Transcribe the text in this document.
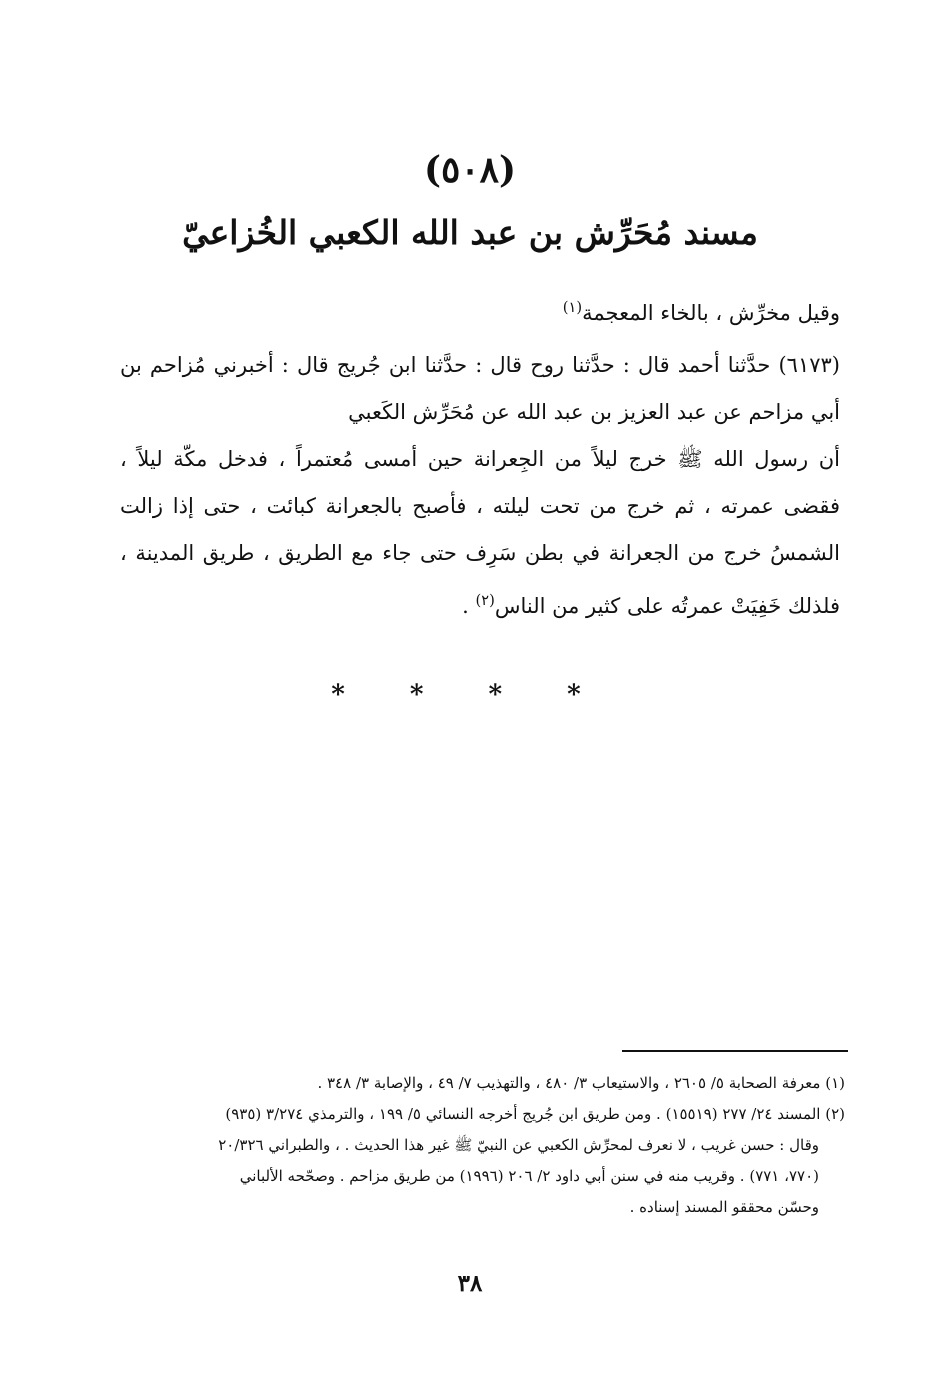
(٥٠٨)
مسند مُحَرِّش بن عبد الله الكعبي الخُزاعيّ
وقيل مخرِّش ، بالخاء المعجمة$^{(١)}$
(٦١٧٣) حدَّثنا أحمد قال : حدَّثنا روح قال : حدَّثنا ابن جُريج قال : أخبرني مُزاحم بن أبي مزاحم عن عبد العزيز بن عبد الله عن مُحَرِّش الكَعبي
أن رسول الله ﷺ خرج ليلاً من الجِعرانة حين أمسى مُعتمراً ، فدخل مكّة ليلاً ، فقضى عمرته ، ثم خرج من تحت ليلته ، فأصبح بالجعرانة كبائت ، حتى إذا زالت الشمسُ خرج من الجعرانة في بطن سَرِف حتى جاء مع الطريق ، طريق المدينة ، فلذلك خَفِيَتْ عمرتُه على كثير من الناس$^{(٢)}$ .
* * * *
(١) معرفة الصحابة ٥/ ٢٦٠٥ ، والاستيعاب ٣/ ٤٨٠ ، والتهذيب ٧/ ٤٩ ، والإصابة ٣/ ٣٤٨ .
(٢) المسند ٢٤/ ٢٧٧ (١٥٥١٩) . ومن طريق ابن جُريج أخرجه النسائي ٥/ ١٩٩ ، والترمذي ٣/٢٧٤ (٩٣٥)
وقال : حسن غريب ، لا نعرف لمحرِّش الكعبي عن النبيّ ﷺ غير هذا الحديث . ، والطبراني ٢٠/٣٢٦
(٧٧٠، ٧٧١) . وقريب منه في سنن أبي داود ٢/ ٢٠٦ (١٩٩٦) من طريق مزاحم . وصحّحه الألباني
وحسّن محققو المسند إسناده .
٣٨
